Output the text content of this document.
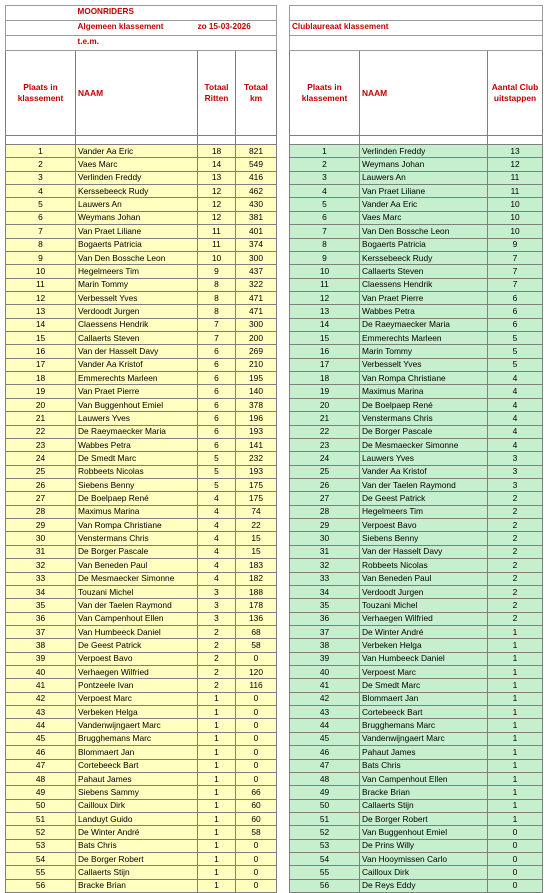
	MOONRIDERS		
	Algemeen klassement	zo 15-03-2026	
	t.e.m.		
Plaats in klassement	NAAM	Totaal Ritten	Totaal km

1	Vander Aa Eric	18	821
2	Vaes Marc	14	549
3	Verlinden Freddy	13	416
4	Kerssebeeck Rudy	12	462
5	Lauwers An	12	430
6	Weymans Johan	12	381
7	Van Praet Liliane	11	401
8	Bogaerts Patricia	11	374
9	Van Den Bossche Leon	10	300
10	Hegelmeers Tim	9	437
11	Marin Tommy	8	322
12	Verbesselt Yves	8	471
13	Verdoodt Jurgen	8	471
14	Claessens Hendrik	7	300
15	Callaerts Steven	7	200
16	Van der Hasselt Davy	6	269
17	Vander Aa Kristof	6	210
18	Emmerechts Marleen	6	195
19	Van Praet Pierre	6	140
20	Van Buggenhout Emiel	6	378
21	Lauwers Yves	6	196
22	De Raeymaecker Maria	6	193
23	Wabbes Petra	6	141
24	De Smedt Marc	5	232
25	Robbeets Nicolas	5	193
26	Siebens Benny	5	175
27	De Boelpaep René	4	175
28	Maximus Marina	4	74
29	Van Rompa Christiane	4	22
30	Venstermans Chris	4	15
31	De Borger Pascale	4	15
32	Van Beneden Paul	4	183
33	De Mesmaecker Simonne	4	182
34	Touzani Michel	3	188
35	Van der Taelen Raymond	3	178
36	Van Campenhout Ellen	3	136
37	Van Humbeeck Daniel	2	68
38	De Geest Patrick	2	58
39	Verpoest Bavo	2	0
40	Verhaegen Wilfried	2	120
41	Pontzeele Ivan	2	116
42	Verpoest Marc	1	0
43	Verbeken Helga	1	0
44	Vandenwijngaert Marc	1	0
45	Brugghemans Marc	1	0
46	Blommaert Jan	1	0
47	Cortebeeck Bart	1	0
48	Pahaut James	1	0
49	Siebens Sammy	1	66
50	Cailloux Dirk	1	60
51	Landuyt Guido	1	60
52	De Winter André	1	58
53	Bats Chris	1	0
54	De Borger Robert	1	0
55	Callaerts Stijn	1	0
56	Bracke Brian	1	0

Clublaureaat klassement		

Plaats in klassement	NAAM	Aantal Club uitstappen

1	Verlinden Freddy	13
2	Weymans Johan	12
3	Lauwers An	11
4	Van Praet Liliane	11
5	Vander Aa Eric	10
6	Vaes Marc	10
7	Van Den Bossche Leon	10
8	Bogaerts Patricia	9
9	Kerssebeeck Rudy	7
10	Callaerts Steven	7
11	Claessens Hendrik	7
12	Van Praet Pierre	6
13	Wabbes Petra	6
14	De Raeymaecker Maria	6
15	Emmerechts Marleen	5
16	Marin Tommy	5
17	Verbesselt Yves	5
18	Van Rompa Christiane	4
19	Maximus Marina	4
20	De Boelpaep René	4
21	Venstermans Chris	4
22	De Borger Pascale	4
23	De Mesmaecker Simonne	4
24	Lauwers Yves	3
25	Vander Aa Kristof	3
26	Van der Taelen Raymond	3
27	De Geest Patrick	2
28	Hegelmeers Tim	2
29	Verpoest Bavo	2
30	Siebens Benny	2
31	Van der Hasselt Davy	2
32	Robbeets Nicolas	2
33	Van Beneden Paul	2
34	Verdoodt Jurgen	2
35	Touzani Michel	2
36	Verhaegen Wilfried	2
37	De Winter André	1
38	Verbeken Helga	1
39	Van Humbeeck Daniel	1
40	Verpoest Marc	1
41	De Smedt Marc	1
42	Blommaert Jan	1
43	Cortebeeck Bart	1
44	Brugghemans Marc	1
45	Vandenwijngaert Marc	1
46	Pahaut James	1
47	Bats Chris	1
48	Van Campenhout Ellen	1
49	Bracke Brian	1
50	Callaerts Stijn	1
51	De Borger Robert	1
52	Van Buggenhout Emiel	0
53	De Prins Willy	0
54	Van Hooymissen Carlo	0
55	Cailloux Dirk	0
56	De Reys Eddy	0
